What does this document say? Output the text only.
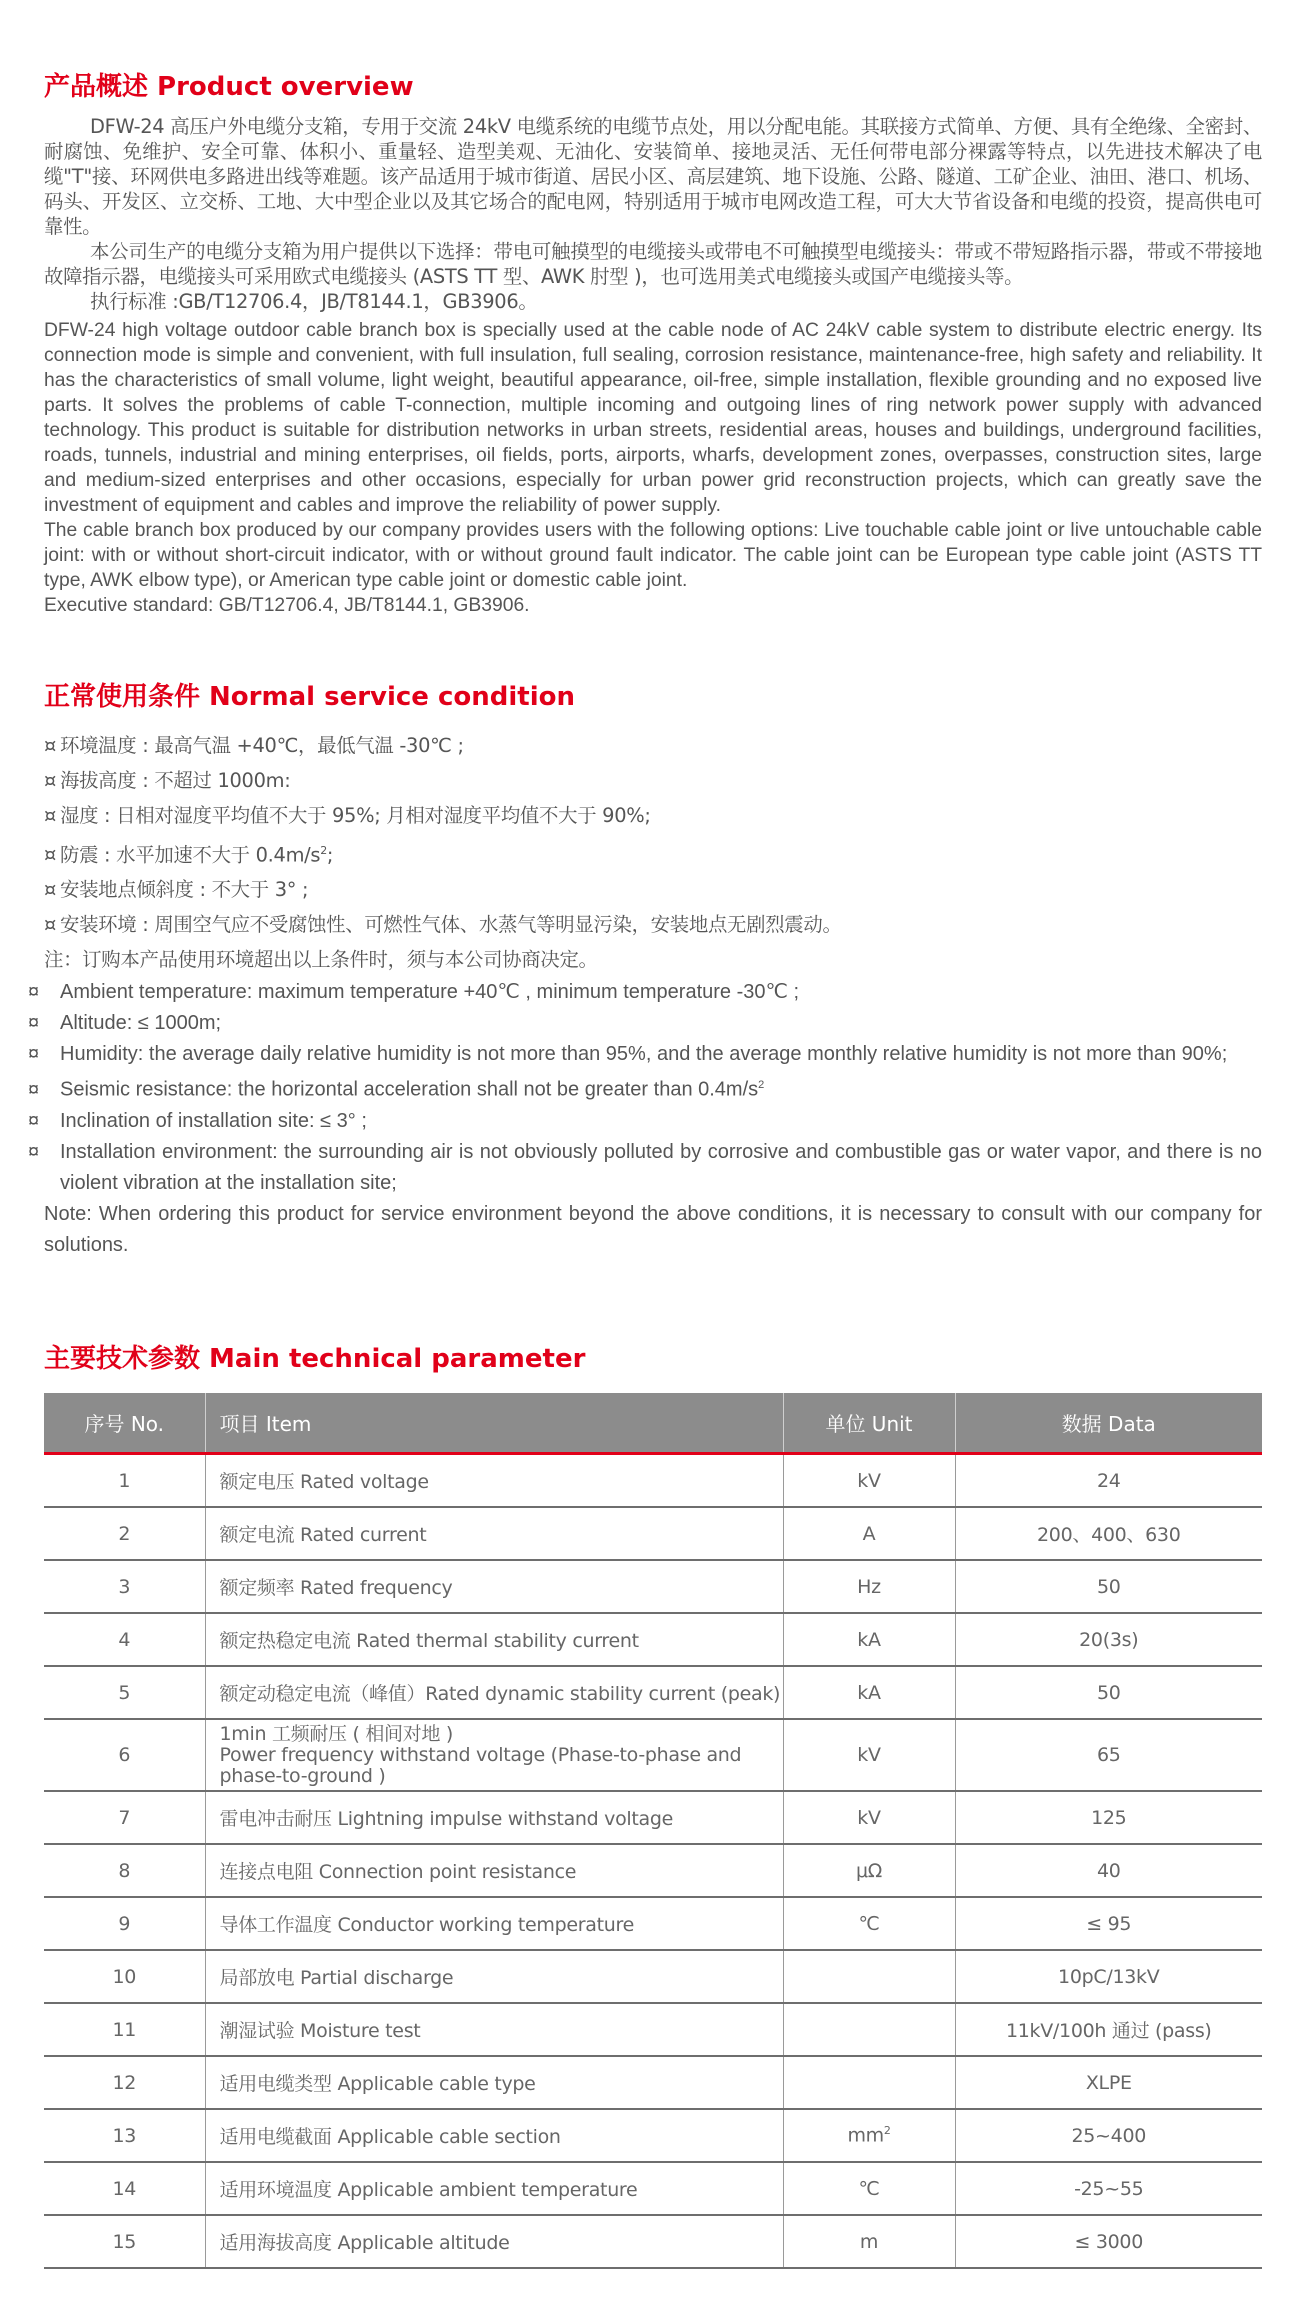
产品概述 Product overview

DFW-24 高压户外电缆分支箱，专用于交流 24kV 电缆系统的电缆节点处，用以分配电能。其联接方式简单、方便、具有全绝缘、全密封、耐腐蚀、免维护、安全可靠、体积小、重量轻、造型美观、无油化、安装简单、接地灵活、无任何带电部分裸露等特点，以先进技术解决了电缆"T"接、环网供电多路进出线等难题。该产品适用于城市街道、居民小区、高层建筑、地下设施、公路、隧道、工矿企业、油田、港口、机场、码头、开发区、立交桥、工地、大中型企业以及其它场合的配电网，特别适用于城市电网改造工程，可大大节省设备和电缆的投资，提高供电可靠性。

本公司生产的电缆分支箱为用户提供以下选择：带电可触摸型的电缆接头或带电不可触摸型电缆接头：带或不带短路指示器，带或不带接地故障指示器，电缆接头可采用欧式电缆接头 (ASTS TT 型、AWK 肘型 )，也可选用美式电缆接头或国产电缆接头等。

执行标准 :GB/T12706.4，JB/T8144.1，GB3906。

DFW-24 high voltage outdoor cable branch box is specially used at the cable node of AC 24kV cable system to distribute electric energy. Its connection mode is simple and convenient, with full insulation, full sealing, corrosion resistance, maintenance-free, high safety and reliability. It has the characteristics of small volume, light weight, beautiful appearance, oil-free, simple installation, flexible grounding and no exposed live parts. It solves the problems of cable T-connection, multiple incoming and outgoing lines of ring network power supply with advanced technology. This product is suitable for distribution networks in urban streets, residential areas, houses and buildings, underground facilities, roads, tunnels, industrial and mining enterprises, oil fields, ports, airports, wharfs, development zones, overpasses, construction sites, large and medium-sized enterprises and other occasions, especially for urban power grid reconstruction projects, which can greatly save the investment of equipment and cables and improve the reliability of power supply.

The cable branch box produced by our company provides users with the following options: Live touchable cable joint or live untouchable cable joint: with or without short-circuit indicator, with or without ground fault indicator. The cable joint can be European type cable joint (ASTS TT type, AWK elbow type), or American type cable joint or domestic cable joint.

Executive standard: GB/T12706.4, JB/T8144.1, GB3906.

正常使用条件 Normal service condition

¤ 环境温度 : 最高气温 +40℃，最低气温 -30℃ ;

¤ 海拔高度 : 不超过 1000m:

¤ 湿度 : 日相对湿度平均值不大于 95%; 月相对湿度平均值不大于 90%;

¤ 防震 : 水平加速不大于 $0.4m/s^2$;

¤ 安装地点倾斜度 : 不大于 3° ;

¤ 安装环境 : 周围空气应不受腐蚀性、可燃性气体、水蒸气等明显污染，安装地点无剧烈震动。

注：订购本产品使用环境超出以上条件时，须与本公司协商决定。

¤ Ambient temperature: maximum temperature +40℃ , minimum temperature -30℃ ;

¤ Altitude: ≤ 1000m;

¤ Humidity: the average daily relative humidity is not more than 95%, and the average monthly relative humidity is not more than 90%;

¤ Seismic resistance: the horizontal acceleration shall not be greater than $0.4m/s^2$

¤ Inclination of installation site: ≤ 3° ;

¤ Installation environment: the surrounding air is not obviously polluted by corrosive and combustible gas or water vapor, and there is no violent vibration at the installation site;

Note: When ordering this product for service environment beyond the above conditions, it is necessary to consult with our company for solutions.

主要技术参数 Main technical parameter
序号 No.	项目 Item	单位 Unit	数据 Data
1	额定电压 Rated voltage	kV	24
2	额定电流 Rated current	A	200、400、630
3	额定频率 Rated frequency	Hz	50
4	额定热稳定电流 Rated thermal stability current	kA	20(3s)
5	额定动稳定电流（峰值）Rated dynamic stability current (peak)	kA	50
6	1min 工频耐压 ( 相间对地 )
Power frequency withstand voltage (Phase-to-phase and
phase-to-ground )	kV	65
7	雷电冲击耐压 Lightning impulse withstand voltage	kV	125
8	连接点电阻 Connection point resistance	μΩ	40
9	导体工作温度 Conductor working temperature	℃	≤ 95
10	局部放电 Partial discharge		10pC/13kV
11	潮湿试验 Moisture test		11kV/100h 通过 (pass)
12	适用电缆类型 Applicable cable type		XLPE
13	适用电缆截面 Applicable cable section	$mm^2$	25~400
14	适用环境温度 Applicable ambient temperature	℃	-25~55
15	适用海拔高度 Applicable altitude	m	≤ 3000
